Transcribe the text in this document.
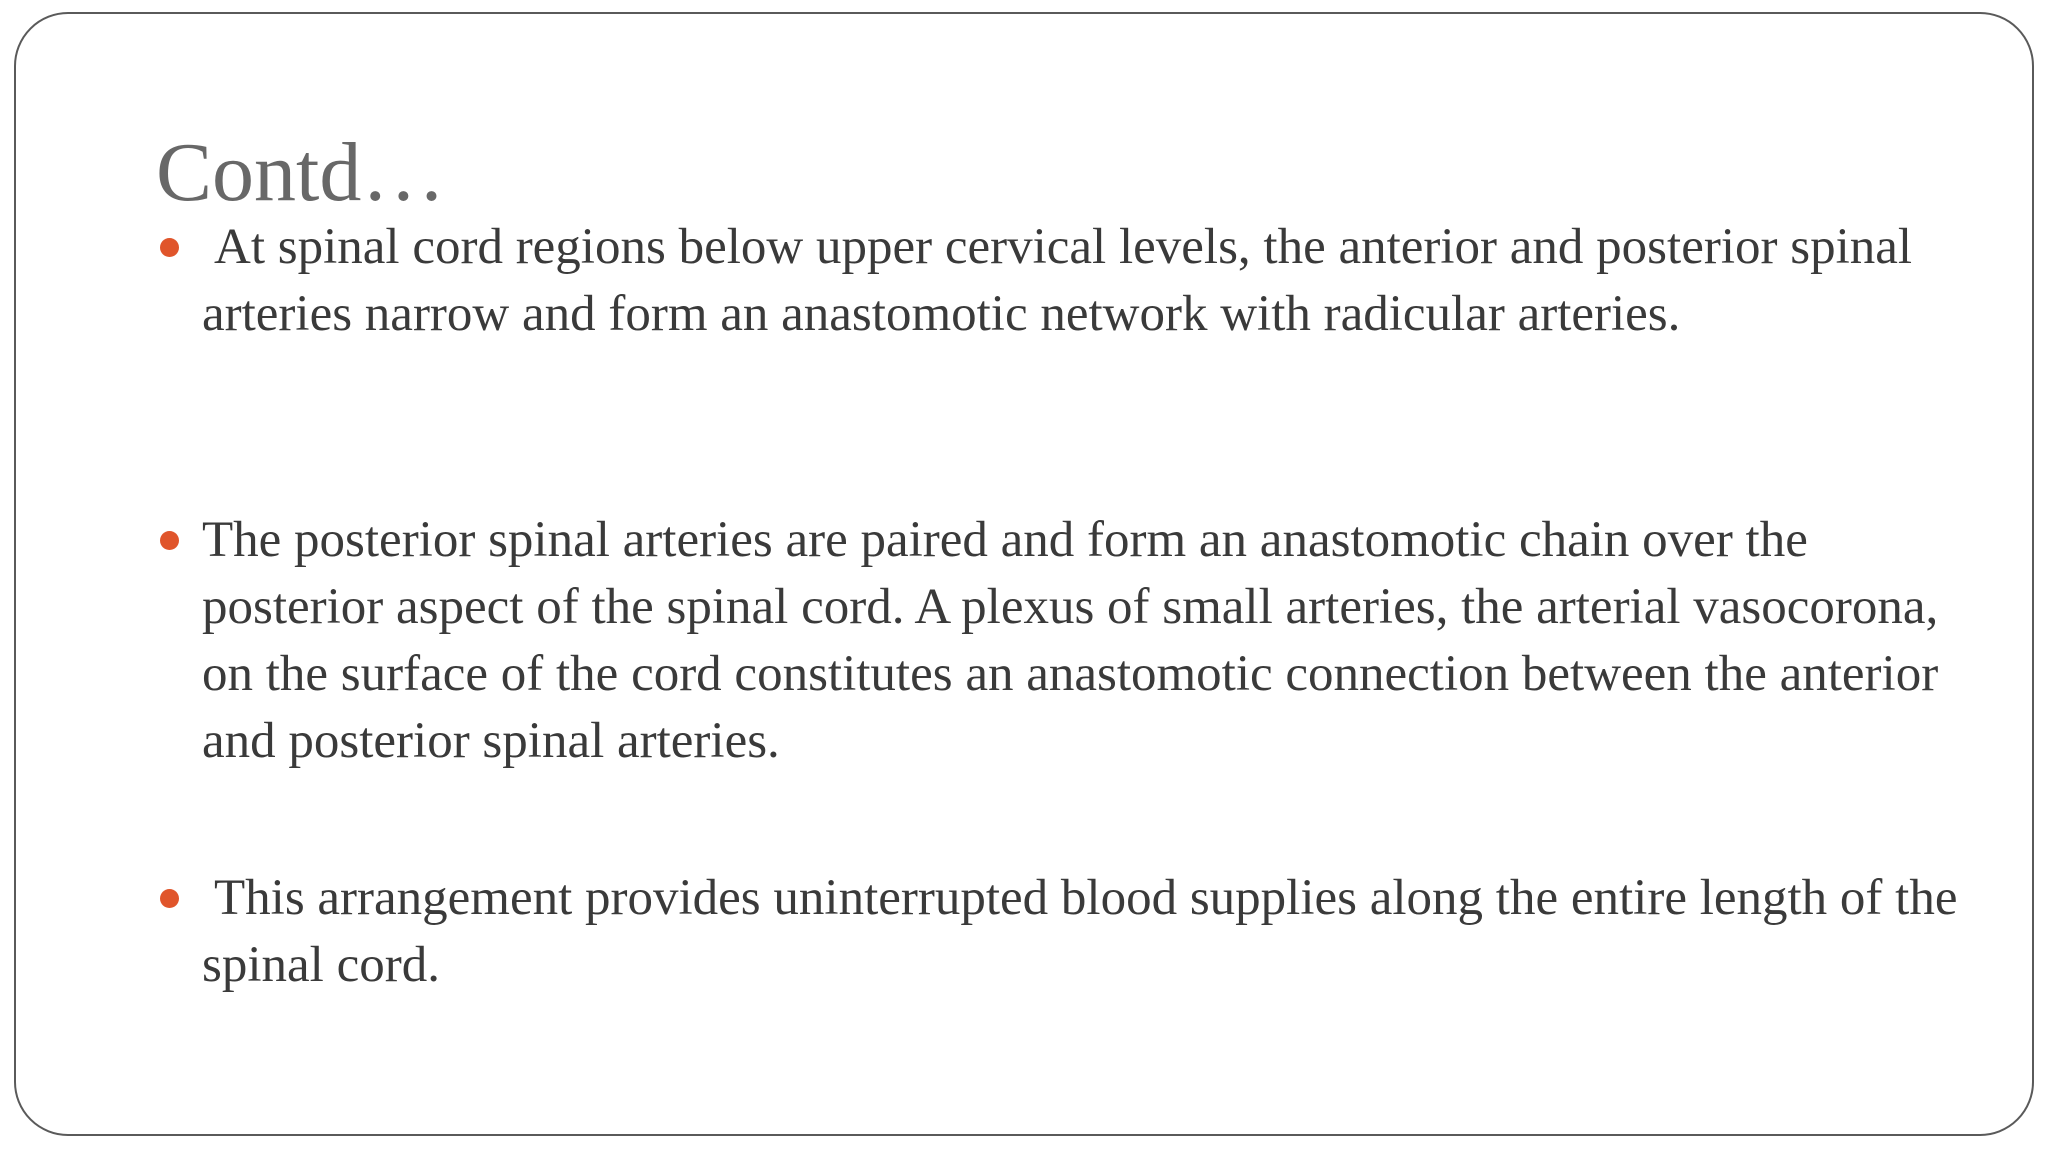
Contd…
At spinal cord regions below upper cervical levels, the anterior and posterior spinal arteries narrow and form an anastomotic network with radicular arteries.
The posterior spinal arteries are paired and form an anastomotic chain over the posterior aspect of the spinal cord. A plexus of small arteries, the arterial vasocorona, on the surface of the cord constitutes an anastomotic connection between the anterior and posterior spinal arteries.
This arrangement provides uninterrupted blood supplies along the entire length of the spinal cord.
